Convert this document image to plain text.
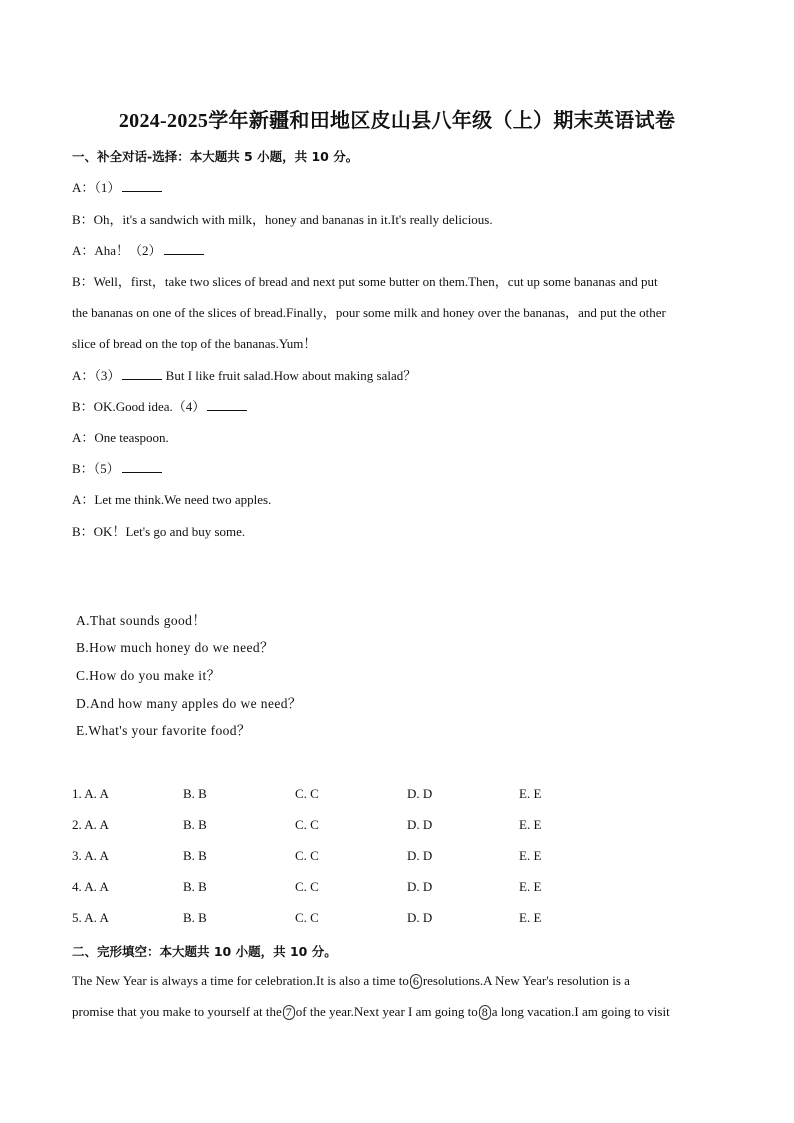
2024-2025学年新疆和田地区皮山县八年级（上）期末英语试卷
一、补全对话-选择：本大题共 5 小题，共 10 分。
A：（1）
B：Oh，it's a sandwich with milk，honey and bananas in it.It's really delicious.
A：Aha！（2）
B：Well，first，take two slices of bread and next put some butter on them.Then，cut up some bananas and put
the bananas on one of the slices of bread.Finally，pour some milk and honey over the bananas，and put the other
slice of bread on the top of the bananas.Yum！
A：（3）	But I like fruit salad.How about making salad？
B：OK.Good idea.（4）
A：One teaspoon.
B：（5）
A：Let me think.We need two apples.
B：OK！Let's go and buy some.
A.That sounds good！
B.How much honey do we need？
C.How do you make it？
D.And how many apples do we need？
E.What's your favorite food？
1. A. A	B. B	C. C	D. D	E. E
2. A. A	B. B	C. C	D. D	E. E
3. A. A	B. B	C. C	D. D	E. E
4. A. A	B. B	C. C	D. D	E. E
5. A. A	B. B	C. C	D. D	E. E
二、完形填空：本大题共 10 小题，共 10 分。
The New Year is always a time for celebration.It is also a time to 6 resolutions.A New Year's resolution is a
promise that you make to yourself at the 7 of the year.Next year I am going to 8 a long vacation.I am going to visit
